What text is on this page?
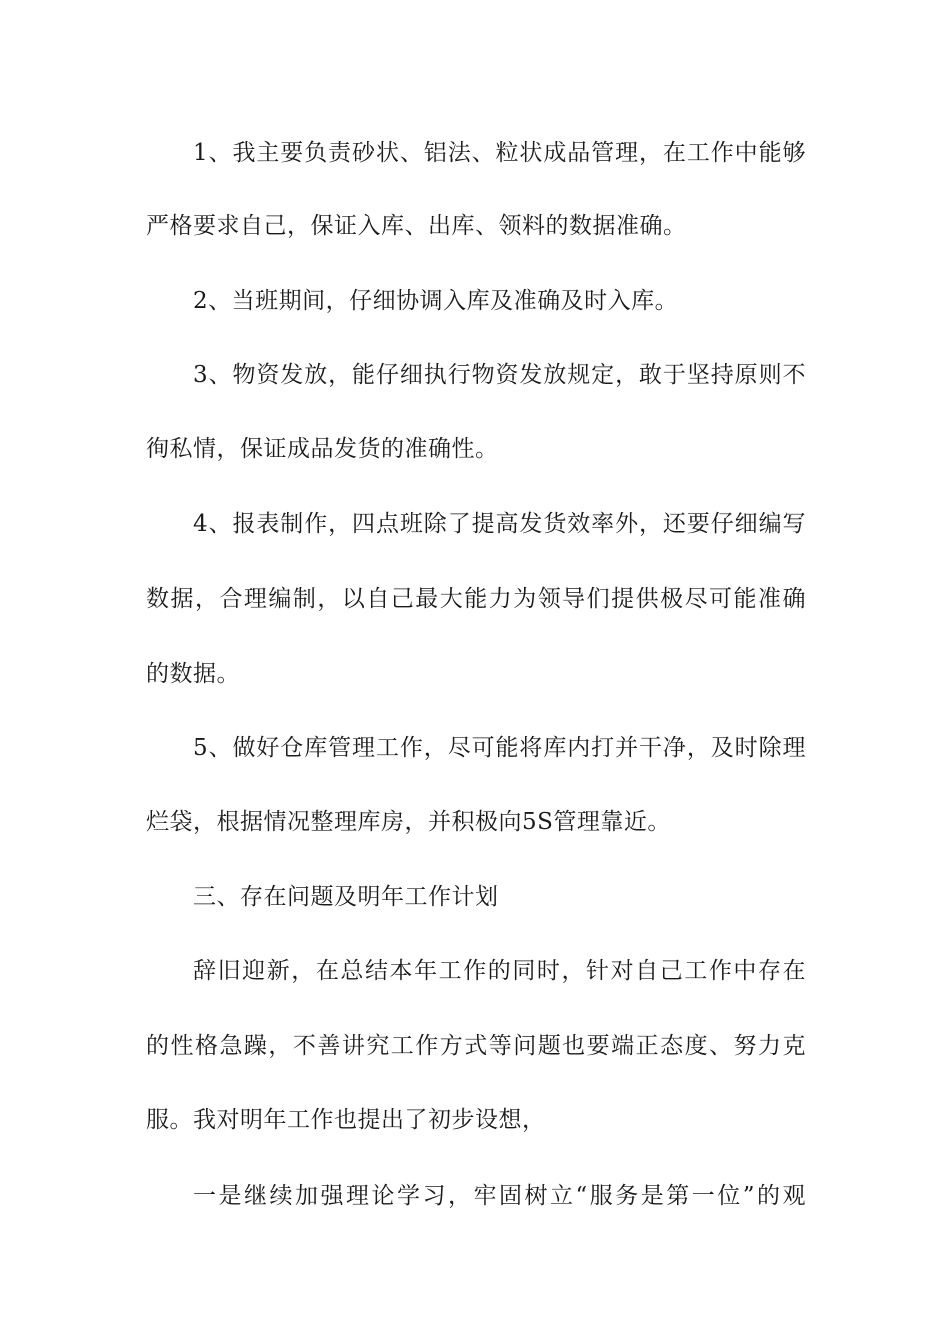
1、我主要负责砂状、铝法、粒状成品管理，在工作中能够
严格要求自己，保证入库、出库、领料的数据准确。
2、当班期间，仔细协调入库及准确及时入库。
3、物资发放，能仔细执行物资发放规定，敢于坚持原则不
徇私情，保证成品发货的准确性。
4、报表制作，四点班除了提高发货效率外，还要仔细编写
数据，合理编制，以自己最大能力为领导们提供极尽可能准确
的数据。
5、做好仓库管理工作，尽可能将库内打并干净，及时除理
烂袋，根据情况整理库房，并积极向5S管理靠近。
三、存在问题及明年工作计划
辞旧迎新，在总结本年工作的同时，针对自己工作中存在
的性格急躁，不善讲究工作方式等问题也要端正态度、努力克
服。我对明年工作也提出了初步设想，
一是继续加强理论学习，牢固树立“服务是第一位”的观
